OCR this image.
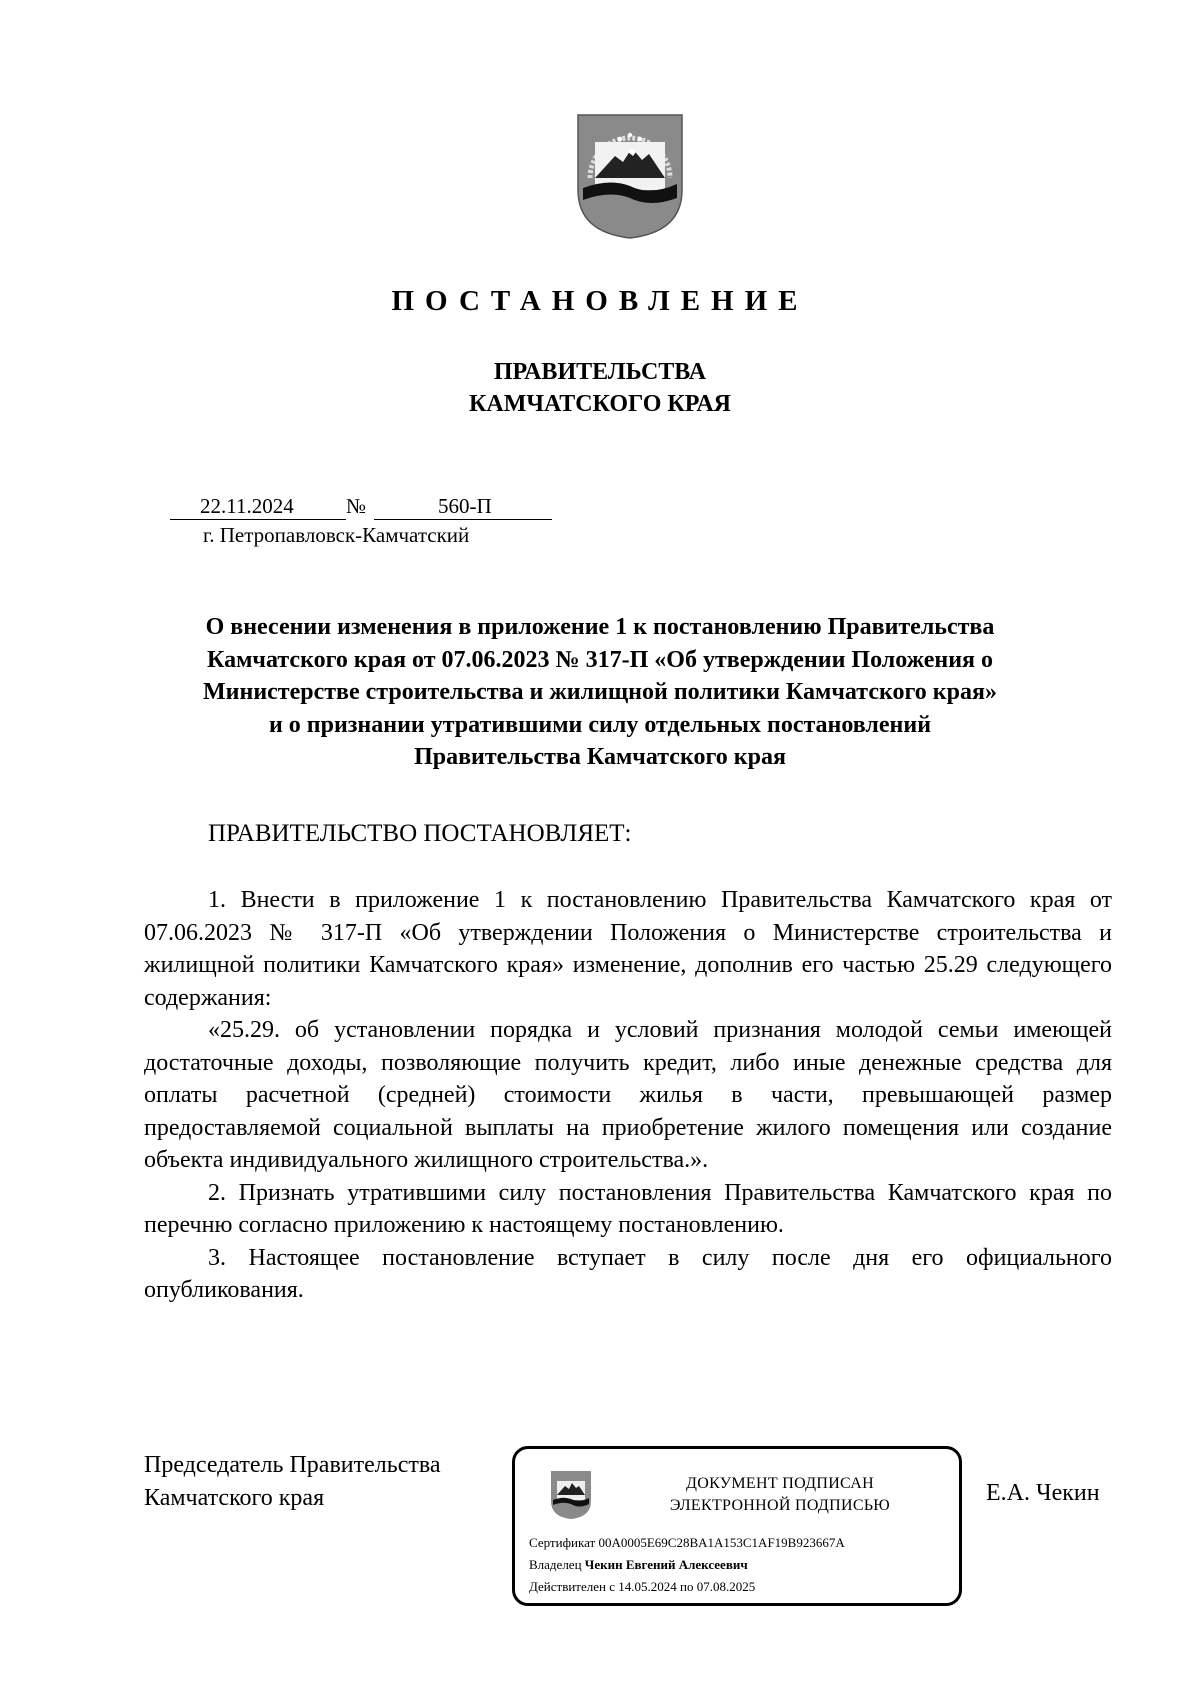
ПОСТАНОВЛЕНИЕ
ПРАВИТЕЛЬСТВА
КАМЧАТСКОГО КРАЯ
22.11.2024 №	560-П
г. Петропавловск-Камчатский
О внесении изменения в приложение 1 к постановлению Правительства
Камчатского края от 07.06.2023 № 317-П «Об утверждении Положения о
Министерстве строительства и жилищной политики Камчатского края»
и о признании утратившими силу отдельных постановлений
Правительства Камчатского края
ПРАВИТЕЛЬСТВО ПОСТАНОВЛЯЕТ:

1. Внести в приложение 1 к постановлению Правительства Камчатского края от 07.06.2023 № 317-П «Об утверждении Положения о Министерстве строительства и жилищной политики Камчатского края» изменение, дополнив его частью 25.29 следующего содержания:

«25.29. об установлении порядка и условий признания молодой семьи имеющей достаточные доходы, позволяющие получить кредит, либо иные денежные средства для оплаты расчетной (средней) стоимости жилья в части, превышающей размер предоставляемой социальной выплаты на приобретение жилого помещения или создание объекта индивидуального жилищного строительства.».

2. Признать утратившими силу постановления Правительства Камчатского края по перечню согласно приложению к настоящему постановлению.

3. Настоящее постановление вступает в силу после дня его официального опубликования.

Председатель Правительства
Камчатского края	Е.А. Чекин
ДОКУМЕНТ ПОДПИСАН
ЭЛЕКТРОННОЙ ПОДПИСЬЮ
Сертификат 00A0005E69C28BA1A153C1AF19B923667A
Владелец Чекин Евгений Алексеевич
Действителен с 14.05.2024 по 07.08.2025
